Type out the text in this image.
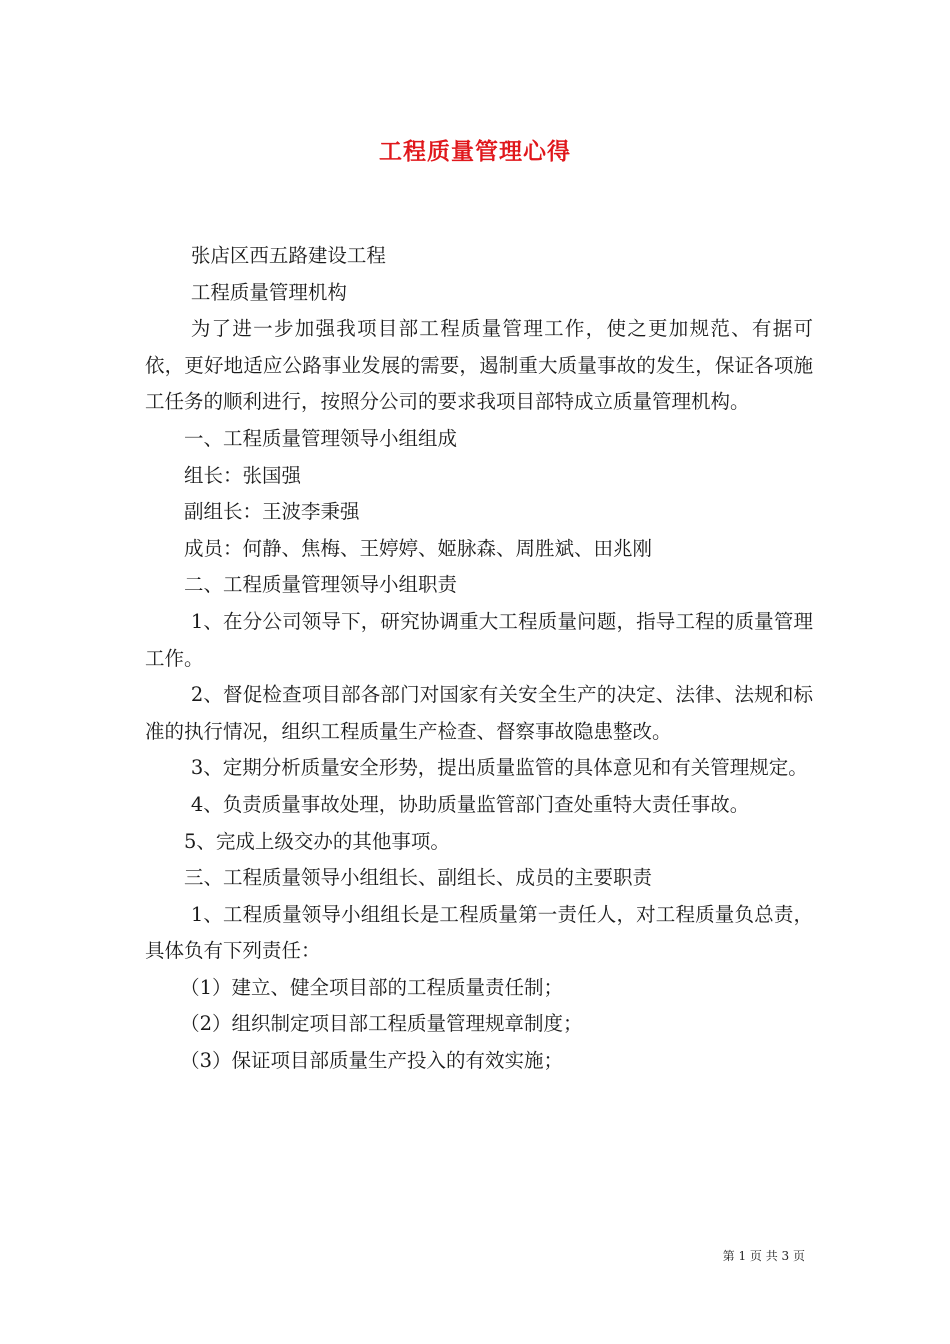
工程质量管理心得

张店区西五路建设工程

工程质量管理机构

为了进一步加强我项目部工程质量管理工作，使之更加规范、有据可依，更好地适应公路事业发展的需要，遏制重大质量事故的发生，保证各项施工任务的顺利进行，按照分公司的要求我项目部特成立质量管理机构。

一、工程质量管理领导小组组成

组长：张国强

副组长：王波李秉强

成员：何静、焦梅、王婷婷、姬脉森、周胜斌、田兆刚

二、工程质量管理领导小组职责

1、在分公司领导下，研究协调重大工程质量问题，指导工程的质量管理工作。

2、督促检查项目部各部门对国家有关安全生产的决定、法律、法规和标准的执行情况，组织工程质量生产检查、督察事故隐患整改。

3、定期分析质量安全形势，提出质量监管的具体意见和有关管理规定。

4、负责质量事故处理，协助质量监管部门查处重特大责任事故。

5、完成上级交办的其他事项。

三、工程质量领导小组组长、副组长、成员的主要职责

1、工程质量领导小组组长是工程质量第一责任人，对工程质量负总责，具体负有下列责任：

（1）建立、健全项目部的工程质量责任制；

（2）组织制定项目部工程质量管理规章制度；

（3）保证项目部质量生产投入的有效实施；

第 1 页 共 3 页
